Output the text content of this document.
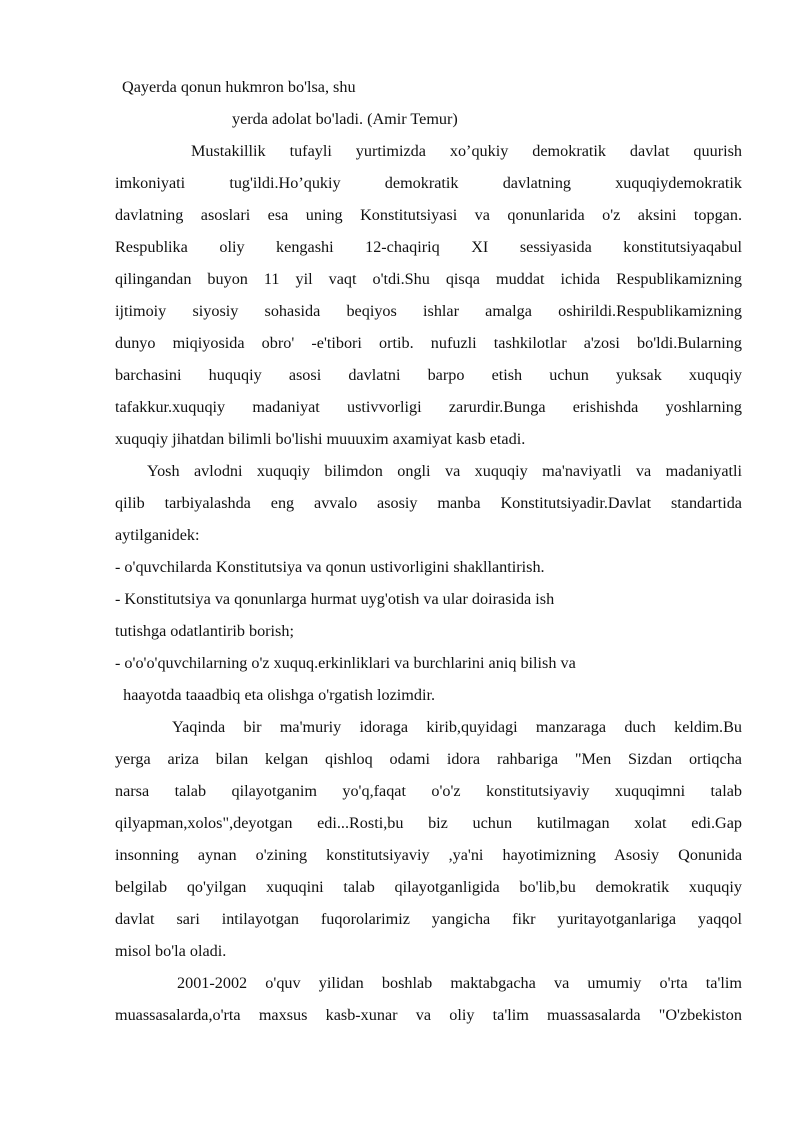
Qayerda qonun hukmron bo'lsa, shu
yerda adolat bo'ladi. (Amir Temur)
Mustakillik tufayli yurtimizda xo’qukiy demokratik davlat quurish
imkoniyati tug'ildi.Ho’qukiy demokratik davlatning xuquqiydemokratik
davlatning asoslari esa uning Konstitutsiyasi va qonunlarida o'z aksini topgan.
Respublika oliy kengashi 12-chaqiriq XI sessiyasida konstitutsiyaqabul
qilingandan buyon 11 yil vaqt o'tdi.Shu qisqa muddat ichida Respublikamizning
ijtimoiy siyosiy sohasida beqiyos ishlar amalga oshirildi.Respublikamizning
dunyo miqiyosida obro' -e'tibori ortib. nufuzli tashkilotlar a'zosi bo'ldi.Bularning
barchasini huquqiy asosi davlatni barpo etish uchun yuksak xuquqiy
tafakkur.xuquqiy madaniyat ustivvorligi zarurdir.Bunga erishishda yoshlarning
xuquqiy jihatdan bilimli bo'lishi muuuxim axamiyat kasb etadi.
Yosh avlodni xuquqiy bilimdon ongli va xuquqiy ma'naviyatli va madaniyatli
qilib tarbiyalashda eng avvalo asosiy manba Konstitutsiyadir.Davlat standartida
aytilganidek:
- o'quvchilarda Konstitutsiya va qonun ustivorligini shakllantirish.
- Konstitutsiya va qonunlarga hurmat uyg'otish va ular doirasida ish
tutishga odatlantirib borish;
- o'o'o'quvchilarning o'z xuquq.erkinliklari va burchlarini aniq bilish va
haayotda taaadbiq eta olishga o'rgatish lozimdir.
Yaqinda bir ma'muriy idoraga kirib,quyidagi manzaraga duch keldim.Bu
yerga ariza bilan kelgan qishloq odami idora rahbariga "Men Sizdan ortiqcha
narsa talab qilayotganim yo'q,faqat o'o'z konstitutsiyaviy xuquqimni talab
qilyapman,xolos",deyotgan edi...Rosti,bu biz uchun kutilmagan xolat edi.Gap
insonning aynan o'zining konstitutsiyaviy ,ya'ni hayotimizning Asosiy Qonunida
belgilab qo'yilgan xuquqini talab qilayotganligida bo'lib,bu demokratik xuquqiy
davlat sari intilayotgan fuqorolarimiz yangicha fikr yuritayotganlariga yaqqol
misol bo'la oladi.
2001-2002 o'quv yilidan boshlab maktabgacha va umumiy o'rta ta'lim
muassasalarda,o'rta maxsus kasb-xunar va oliy ta'lim muassasalarda "O'zbekiston
